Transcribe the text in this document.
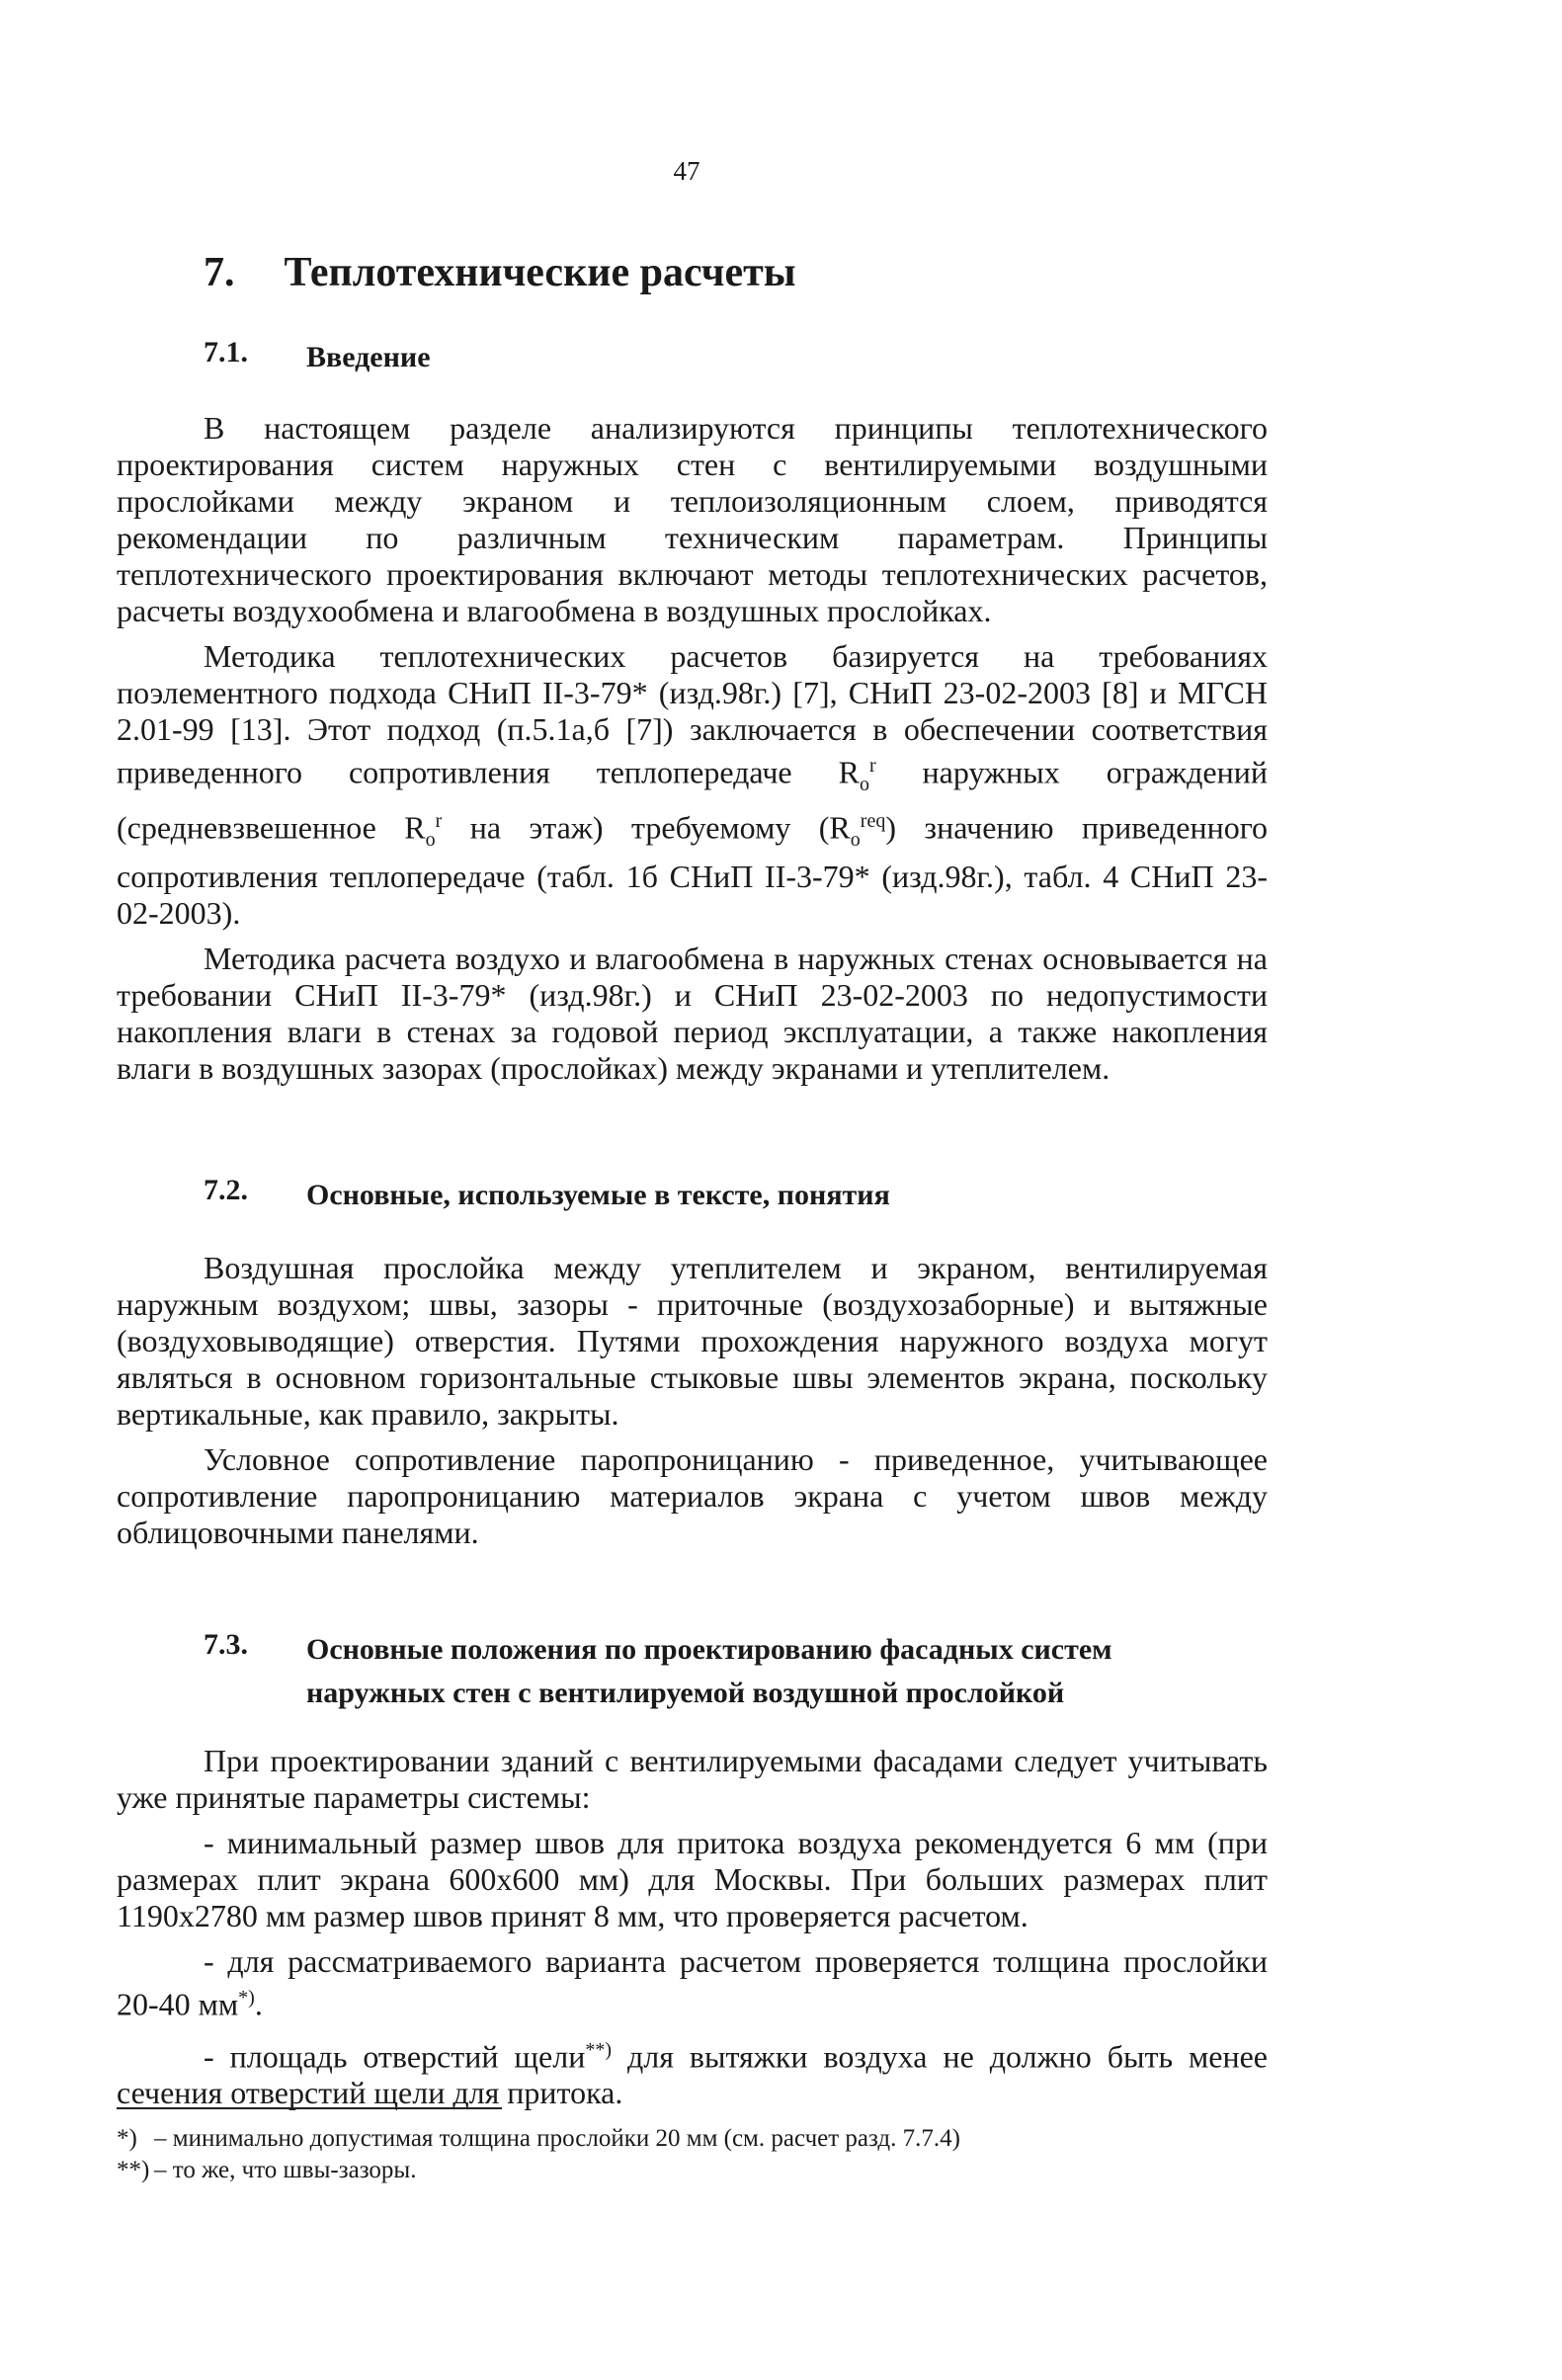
47
7. Теплотехнические расчеты
7.1.	Введение

В настоящем разделе анализируются принципы теплотехнического проектирования систем наружных стен с вентилируемыми воздушными прослойками между экраном и теплоизоляционным слоем, приводятся рекомендации по различным техническим параметрам. Принципы теплотехнического проектирования включают методы теплотехнических расчетов, расчеты воздухообмена и влагообмена в воздушных прослойках.

Методика теплотехнических расчетов базируется на требованиях поэлементного подхода СНиП II-3-79* (изд.98г.) [7], СНиП 23-02-2003 [8] и МГСН 2.01-99 [13]. Этот подход (п.5.1а,б [7]) заключается в обеспечении соответствия приведенного сопротивления теплопередаче $R_о^r$ наружных ограждений (средневзвешенное $R_о^r$ на этаж) требуемому $(R_о^{req})$ значению приведенного сопротивления теплопередаче (табл. 1б СНиП II-3-79* (изд.98г.), табл. 4 СНиП 23-02-2003).

Методика расчета воздухо и влагообмена в наружных стенах основывается на требовании СНиП II-3-79* (изд.98г.) и СНиП 23-02-2003 по недопустимости накопления влаги в стенах за годовой период эксплуатации, а также накопления влаги в воздушных зазорах (прослойках) между экранами и утеплителем.

7.2.	Основные, используемые в тексте, понятия

Воздушная прослойка между утеплителем и экраном, вентилируемая наружным воздухом; швы, зазоры - приточные (воздухозаборные) и вытяжные (воздуховыводящие) отверстия. Путями прохождения наружного воздуха могут являться в основном горизонтальные стыковые швы элементов экрана, поскольку вертикальные, как правило, закрыты.

Условное сопротивление паропроницанию - приведенное, учитывающее сопротивление паропроницанию материалов экрана с учетом швов между облицовочными панелями.

7.3.	Основные положения по проектированию фасадных систем
наружных стен с вентилируемой воздушной прослойкой

При проектировании зданий с вентилируемыми фасадами следует учитывать уже принятые параметры системы:

- минимальный размер швов для притока воздуха рекомендуется 6 мм (при размерах плит экрана 600х600 мм) для Москвы. При больших размерах плит 1190х2780 мм размер швов принят 8 мм, что проверяется расчетом.

- для рассматриваемого варианта расчетом проверяется толщина прослойки 20-40 мм*).

- площадь отверстий щели**) для вытяжки воздуха не должно быть менее сечения отверстий щели для притока.

*) – минимально допустимая толщина прослойки 20 мм (см. расчет разд. 7.7.4)
**) – то же, что швы-зазоры.
